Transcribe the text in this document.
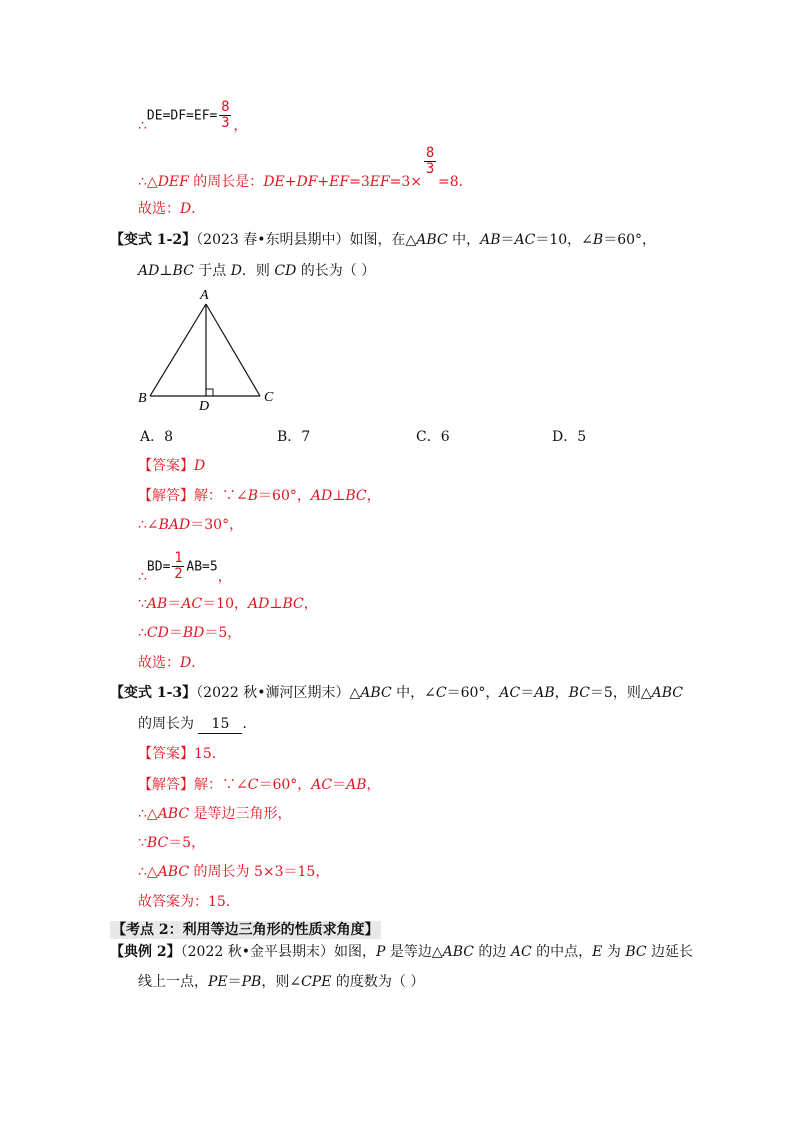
∴DE=DF=EF= $\frac{8}{3}$ ，
∴△DEF 的周长是：DE+DF+EF=3EF=3×
$\frac{8}{3}$
=8．
故选：D．
【变式 1-2】（2023 春•东明县期中）如图，在△ABC 中，AB＝AC＝10，∠B＝60°，
AD⊥BC 于点 D．则 CD 的长为（ ）
A
B	C
D
A．8	B．7	C．6	D．5
【答案】D
【解答】解：∵∠B＝60°，AD⊥BC，
∴∠BAD＝30°，
∴BD= $\frac{1}{2} AB=5$，
∵AB＝AC＝10，AD⊥BC，
∴CD＝BD＝5，
故选：D．
【变式 1-3】（2022 秋•浉河区期末）△ABC 中，∠C＝60°，AC＝AB，BC＝5，则△ABC
的周长为 15 ．
【答案】15．
【解答】解：∵∠C＝60°，AC＝AB，
∴△ABC 是等边三角形，
∵BC＝5，
∴△ABC 的周长为 5×3＝15，
故答案为：15．
【考点 2：利用等边三角形的性质求角度】
【典例 2】（2022 秋•金平县期末）如图，P 是等边△ABC 的边 AC 的中点，E 为 BC 边延长
线上一点，PE＝PB，则∠CPE 的度数为（ ）
